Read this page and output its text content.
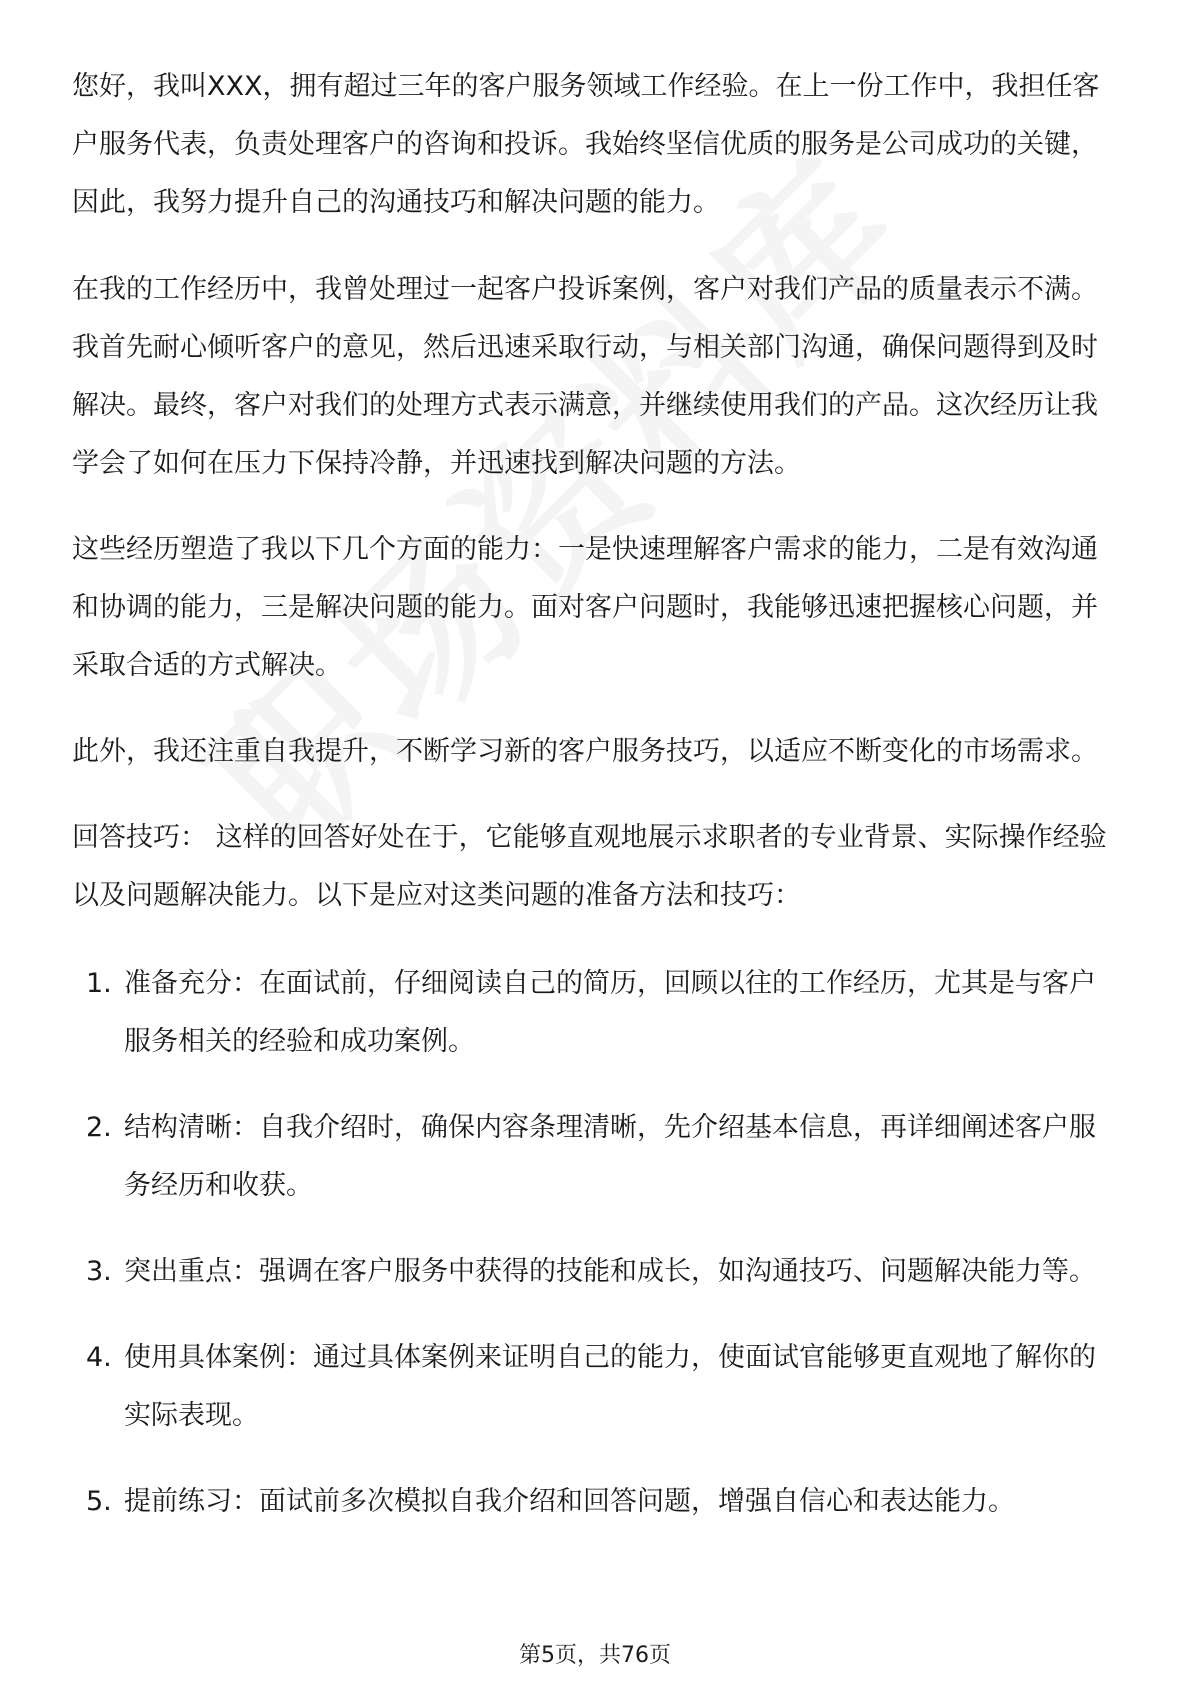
您好，我叫XXX，拥有超过三年的客户服务领域工作经验。在上一份工作中，我担任客户服务代表，负责处理客户的咨询和投诉。我始终坚信优质的服务是公司成功的关键，因此，我努力提升自己的沟通技巧和解决问题的能力。

在我的工作经历中，我曾处理过一起客户投诉案例，客户对我们产品的质量表示不满。我首先耐心倾听客户的意见，然后迅速采取行动，与相关部门沟通，确保问题得到及时解决。最终，客户对我们的处理方式表示满意，并继续使用我们的产品。这次经历让我学会了如何在压力下保持冷静，并迅速找到解决问题的方法。

这些经历塑造了我以下几个方面的能力：一是快速理解客户需求的能力，二是有效沟通和协调的能力，三是解决问题的能力。面对客户问题时，我能够迅速把握核心问题，并采取合适的方式解决。

此外，我还注重自我提升，不断学习新的客户服务技巧，以适应不断变化的市场需求。

回答技巧： 这样的回答好处在于，它能够直观地展示求职者的专业背景、实际操作经验以及问题解决能力。以下是应对这类问题的准备方法和技巧：

1. 准备充分：在面试前，仔细阅读自己的简历，回顾以往的工作经历，尤其是与客户服务相关的经验和成功案例。
2. 结构清晰：自我介绍时，确保内容条理清晰，先介绍基本信息，再详细阐述客户服务经历和收获。
3. 突出重点：强调在客户服务中获得的技能和成长，如沟通技巧、问题解决能力等。
4. 使用具体案例：通过具体案例来证明自己的能力，使面试官能够更直观地了解你的实际表现。
5. 提前练习：面试前多次模拟自我介绍和回答问题，增强自信心和表达能力。
第5页，共76页
